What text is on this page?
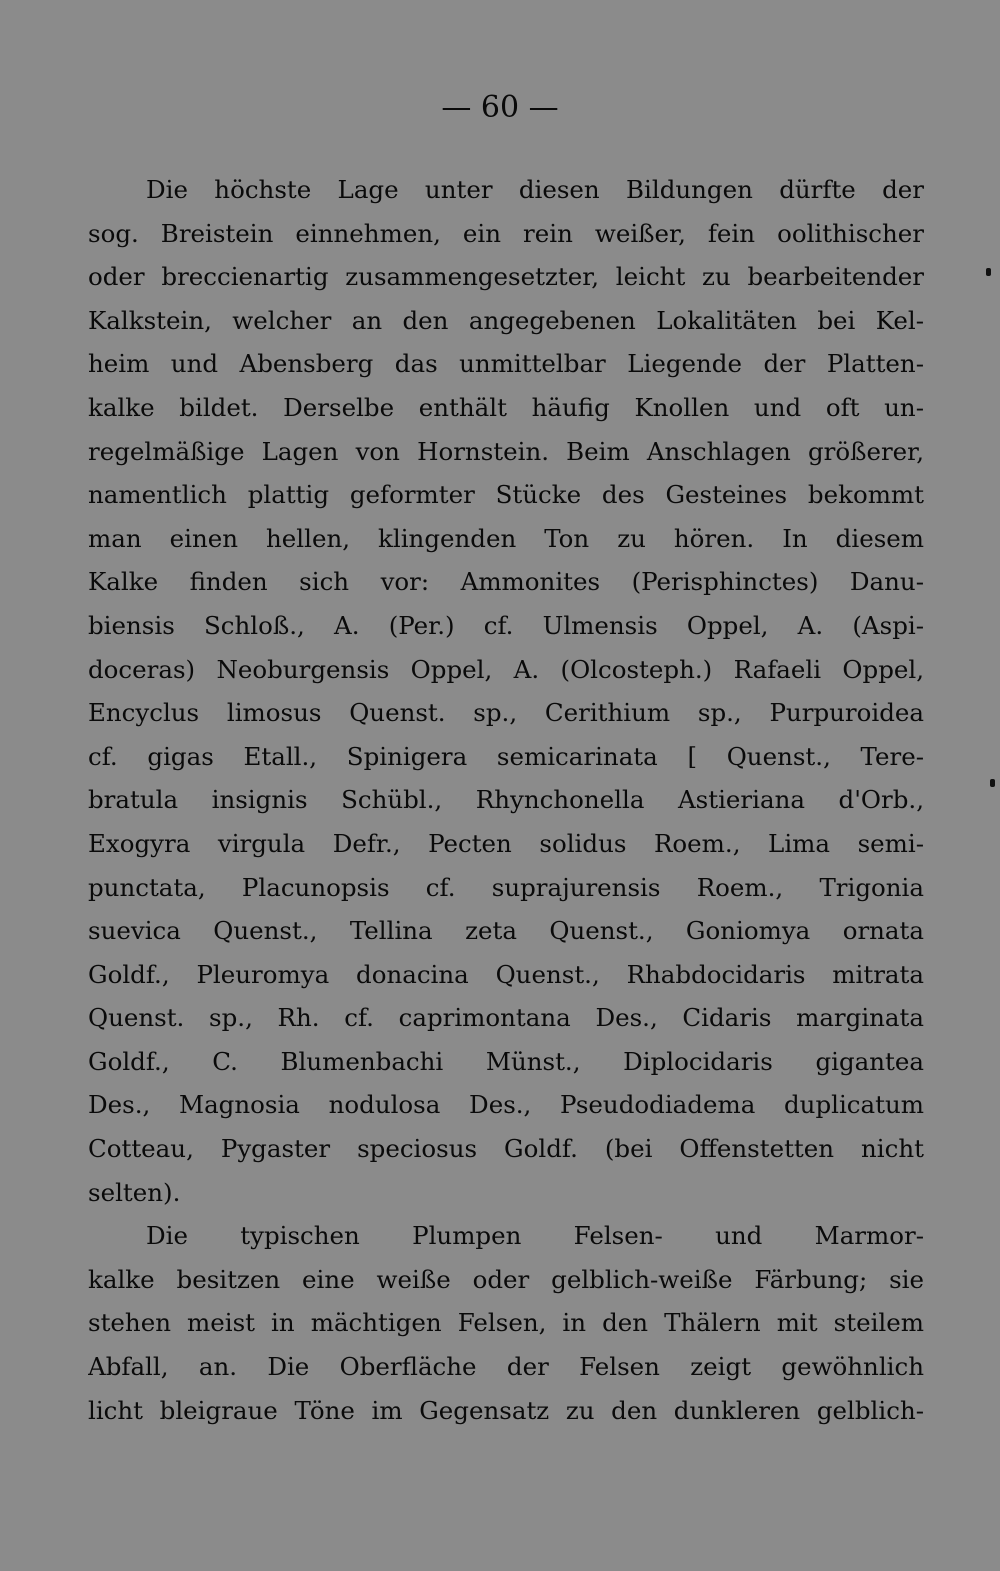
— 60 —
Die höchste Lage unter diesen Bildungen dürfte der
sog. Breistein einnehmen, ein rein weißer, fein oolithischer
oder breccienartig zusammengesetzter, leicht zu bearbeitender
Kalkstein, welcher an den angegebenen Lokalitäten bei Kel-
heim und Abensberg das unmittelbar Liegende der Platten-
kalke bildet. Derselbe enthält häufig Knollen und oft un-
regelmäßige Lagen von Hornstein. Beim Anschlagen größerer,
namentlich plattig geformter Stücke des Gesteines bekommt
man einen hellen, klingenden Ton zu hören. In diesem
Kalke finden sich vor: Ammonites (Perisphinctes) Danu-
biensis Schloß., A. (Per.) cf. Ulmensis Oppel, A. (Aspi-
doceras) Neoburgensis Oppel, A. (Olcosteph.) Rafaeli Oppel,
Encyclus limosus Quenst. sp., Cerithium sp., Purpuroidea
cf. gigas Etall., Spinigera semicarinata [ Quenst., Tere-
bratula insignis Schübl., Rhynchonella Astieriana d'Orb.,
Exogyra virgula Defr., Pecten solidus Roem., Lima semi-
punctata, Placunopsis cf. suprajurensis Roem., Trigonia
suevica Quenst., Tellina zeta Quenst., Goniomya ornata
Goldf., Pleuromya donacina Quenst., Rhabdocidaris mitrata
Quenst. sp., Rh. cf. caprimontana Des., Cidaris marginata
Goldf., C. Blumenbachi Münst., Diplocidaris gigantea
Des., Magnosia nodulosa Des., Pseudodiadema duplicatum
Cotteau, Pygaster speciosus Goldf. (bei Offenstetten nicht
selten).
Die typischen Plumpen Felsen- und Marmor-
kalke besitzen eine weiße oder gelblich-weiße Färbung; sie
stehen meist in mächtigen Felsen, in den Thälern mit steilem
Abfall, an. Die Oberfläche der Felsen zeigt gewöhnlich
licht bleigraue Töne im Gegensatz zu den dunkleren gelblich-
